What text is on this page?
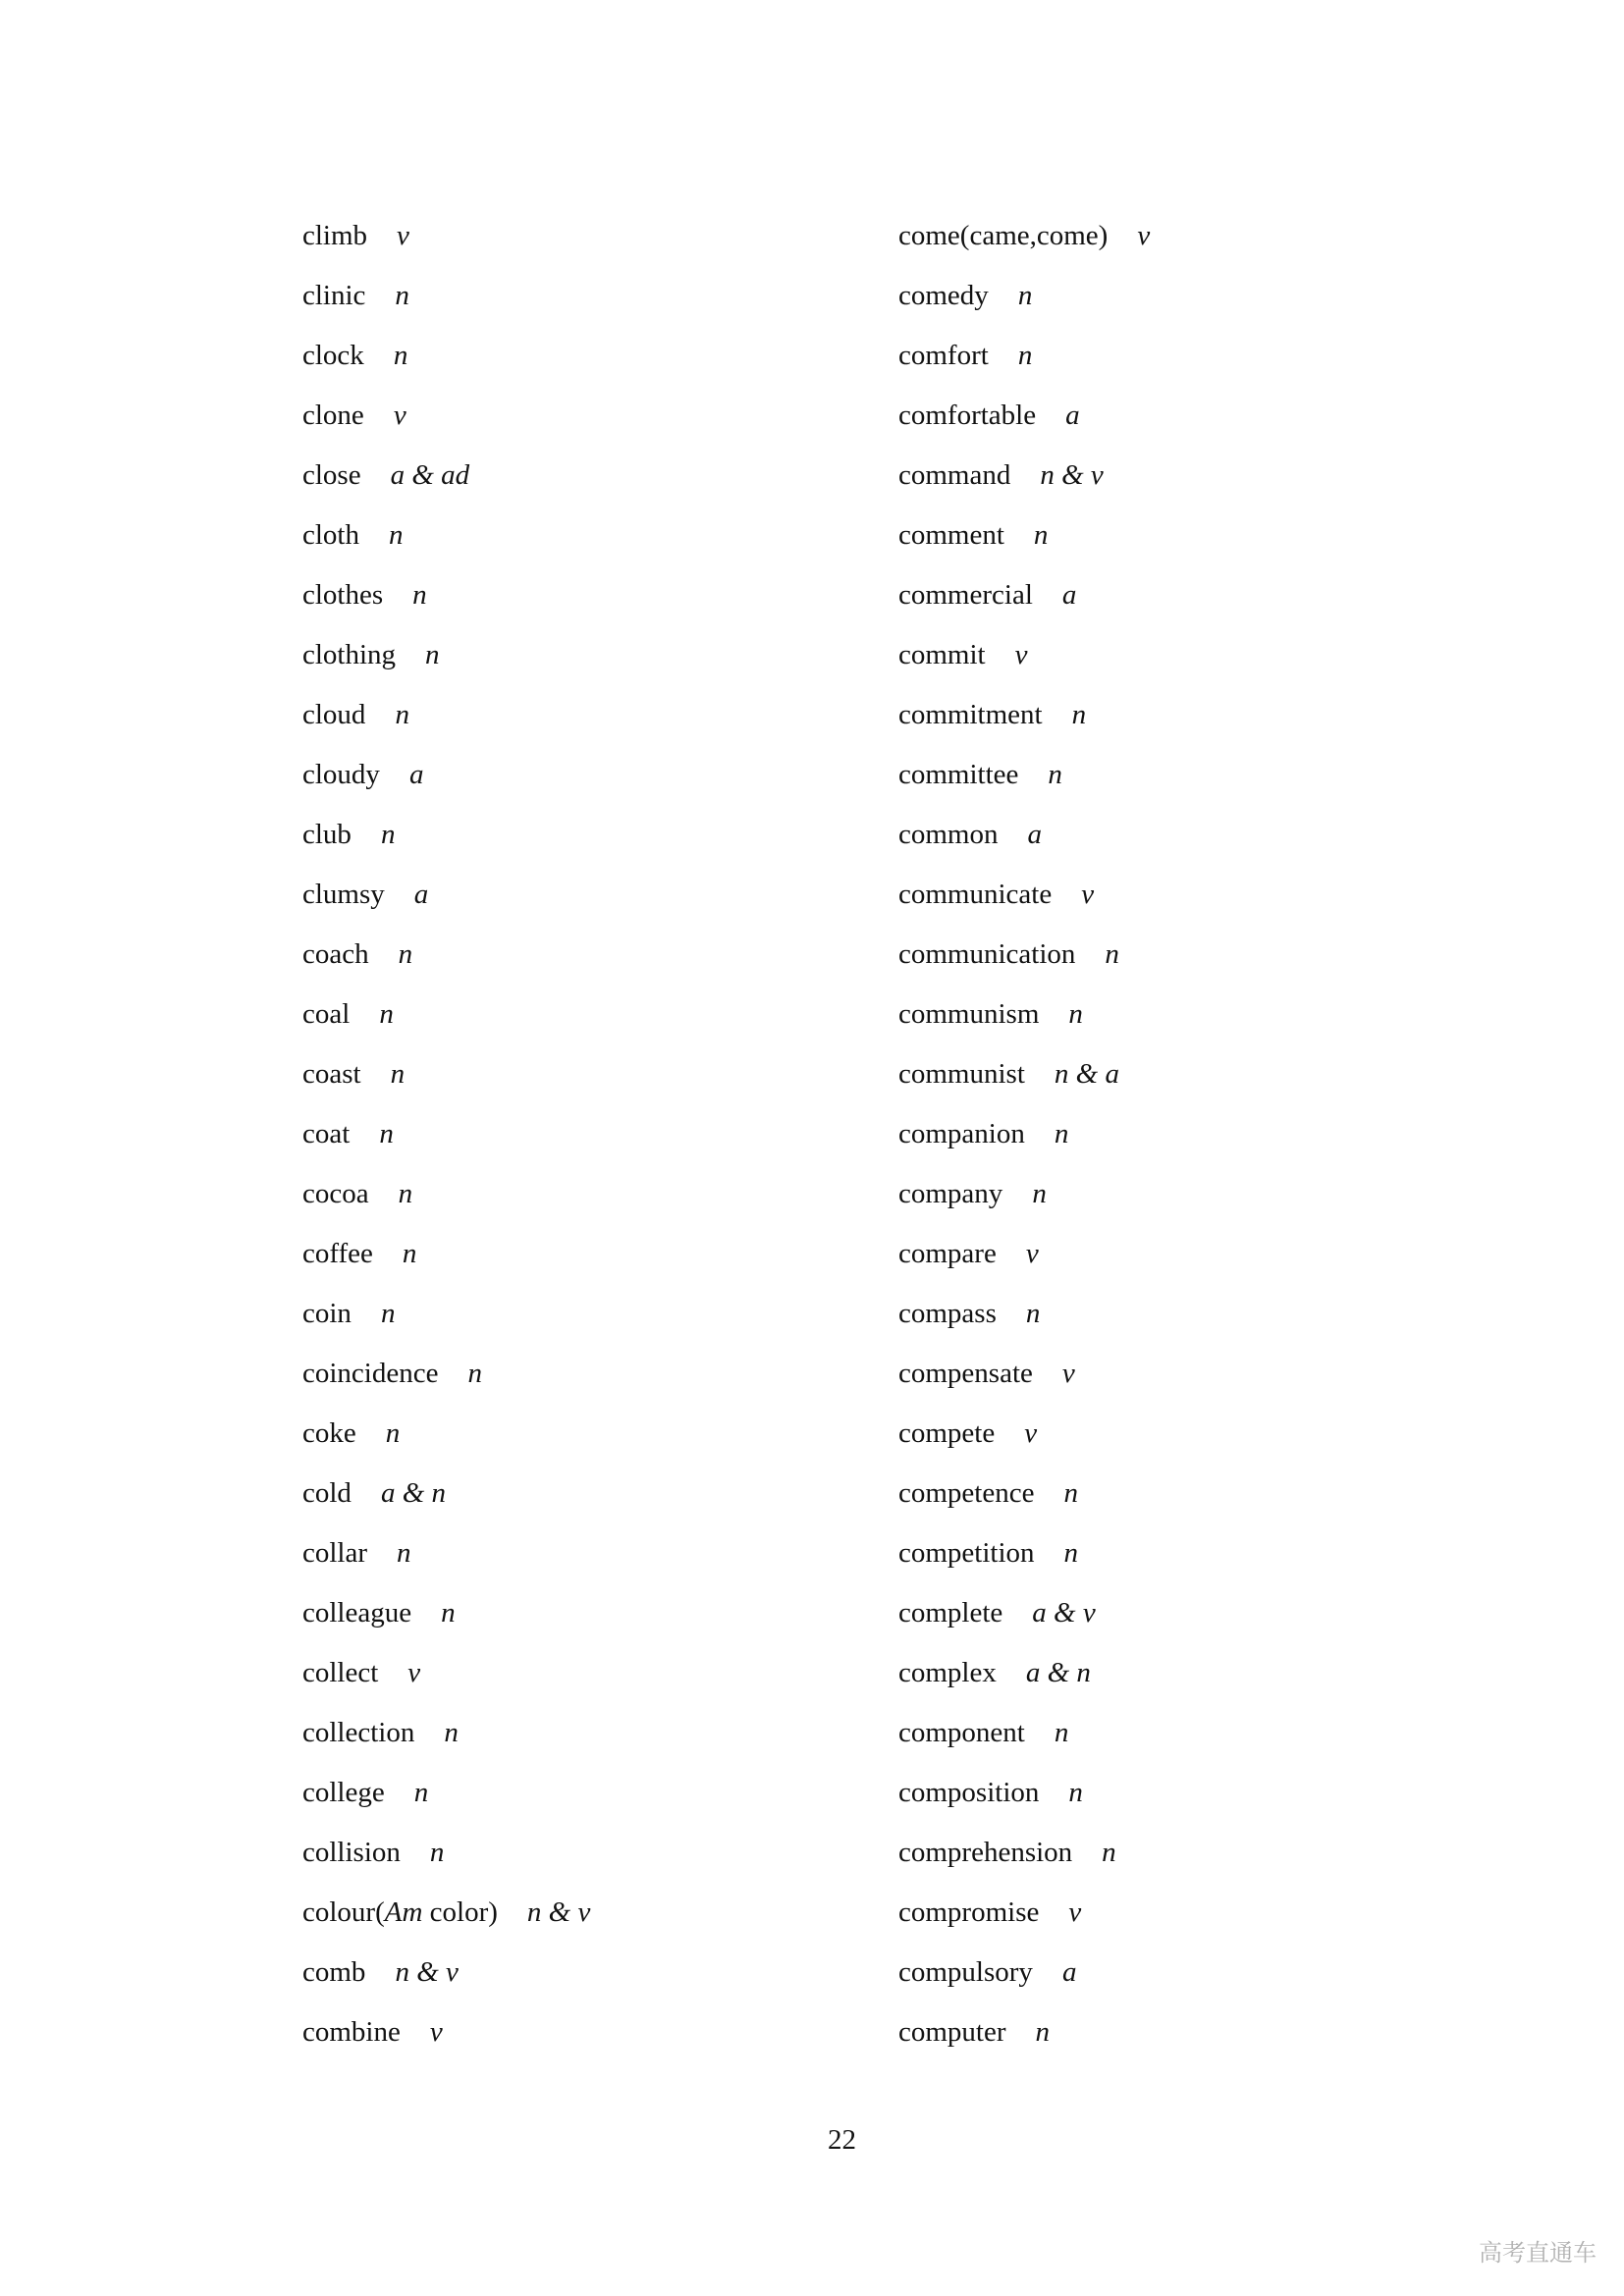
climb v
clinic n
clock n
clone v
close a & ad
cloth n
clothes n
clothing n
cloud n
cloudy a
club n
clumsy a
coach n
coal n
coast n
coat n
cocoa n
coffee n
coin n
coincidence n
coke n
cold a & n
collar n
colleague n
collect v
collection n
college n
collision n
colour(Am color) n & v
comb n & v
combine v
come(came,come) v
comedy n
comfort n
comfortable a
command n & v
comment n
commercial a
commit v
commitment n
committee n
common a
communicate v
communication n
communism n
communist n & a
companion n
company n
compare v
compass n
compensate v
compete v
competence n
competition n
complete a & v
complex a & n
component n
composition n
comprehension n
compromise v
compulsory a
computer n
22
高考直通车
